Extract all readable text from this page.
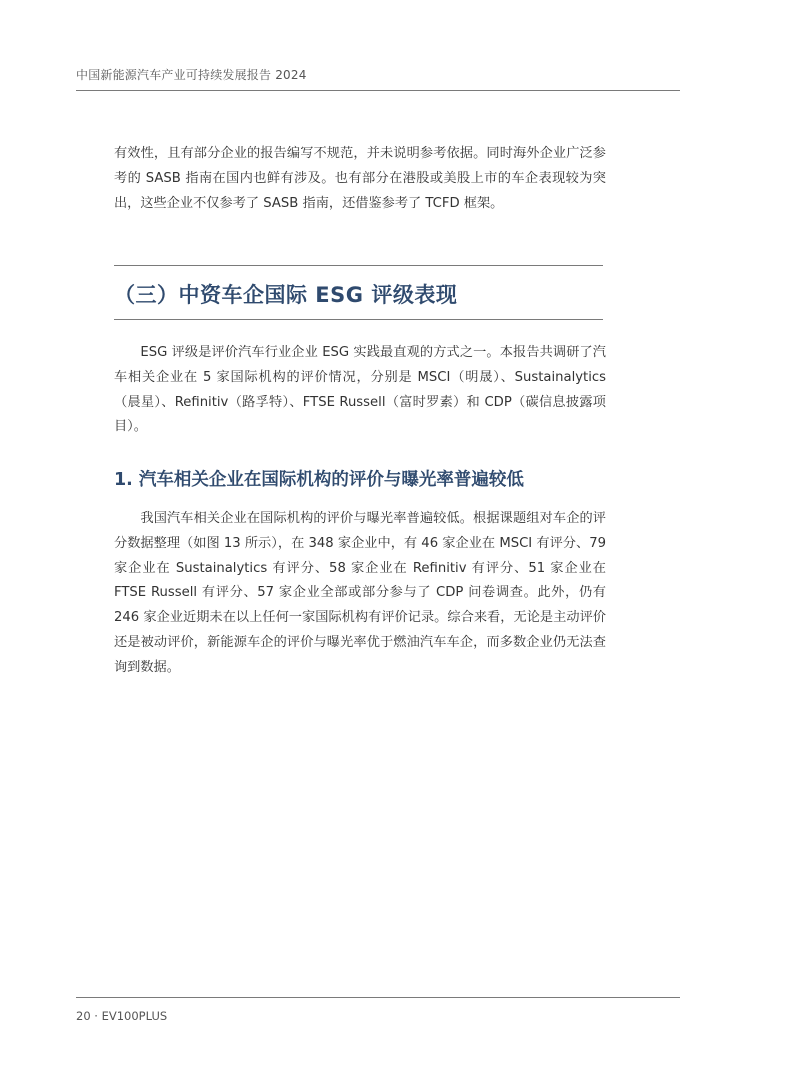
中国新能源汽车产业可持续发展报告 2024

有效性，且有部分企业的报告编写不规范，并未说明参考依据。同时海外企业广泛参考的 SASB 指南在国内也鲜有涉及。也有部分在港股或美股上市的车企表现较为突出，这些企业不仅参考了 SASB 指南，还借鉴参考了 TCFD 框架。

（三）中资车企国际 ESG 评级表现

ESG 评级是评价汽车行业企业 ESG 实践最直观的方式之一。本报告共调研了汽车相关企业在 5 家国际机构的评价情况，分别是 MSCI（明晟）、Sustainalytics（晨星）、Refinitiv（路孚特）、FTSE Russell（富时罗素）和 CDP（碳信息披露项目）。

1. 汽车相关企业在国际机构的评价与曝光率普遍较低

我国汽车相关企业在国际机构的评价与曝光率普遍较低。根据课题组对车企的评分数据整理（如图 13 所示），在 348 家企业中，有 46 家企业在 MSCI 有评分、79 家企业在 Sustainalytics 有评分、58 家企业在 Refinitiv 有评分、51 家企业在 FTSE Russell 有评分、57 家企业全部或部分参与了 CDP 问卷调查。此外，仍有 246 家企业近期未在以上任何一家国际机构有评价记录。综合来看，无论是主动评价还是被动评价，新能源车企的评价与曝光率优于燃油汽车车企，而多数企业仍无法查询到数据。

20 · EV100PLUS
